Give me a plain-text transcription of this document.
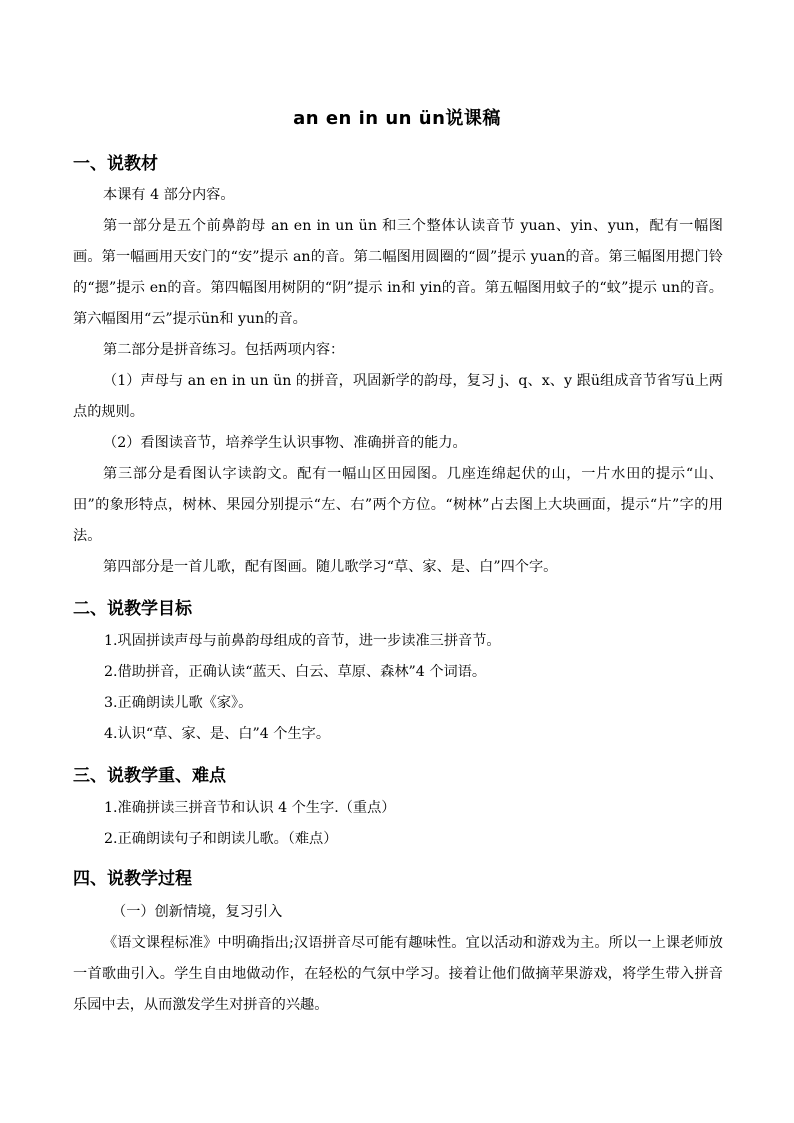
an en in un ün说课稿
一、说教材

本课有 4 部分内容。

第一部分是五个前鼻韵母 an en in un ün 和三个整体认读音节 yuan、yin、yun，配有一幅图画。第一幅画用天安门的“安”提示 an的音。第二幅图用圆圈的“圆”提示 yuan的音。第三幅图用摁门铃的“摁”提示 en的音。第四幅图用树阴的“阴”提示 in和 yin的音。第五幅图用蚊子的“蚊”提示 un的音。第六幅图用“云”提示ün和 yun的音。

第二部分是拼音练习。包括两项内容：

（1）声母与 an en in un ün 的拼音，巩固新学的韵母，复习 j、q、x、y 跟ü组成音节省写ü上两点的规则。

（2）看图读音节，培养学生认识事物、准确拼音的能力。

第三部分是看图认字读韵文。配有一幅山区田园图。几座连绵起伏的山，一片水田的提示“山、田”的象形特点，树林、果园分别提示“左、右”两个方位。“树林”占去图上大块画面，提示“片”字的用法。

第四部分是一首儿歌，配有图画。随儿歌学习“草、家、是、白”四个字。

二、说教学目标

1.巩固拼读声母与前鼻韵母组成的音节，进一步读准三拼音节。

2.借助拼音，正确认读“蓝天、白云、草原、森林”4 个词语。

3.正确朗读儿歌《家》。

4.认识“草、家、是、白”4 个生字。

三、说教学重、难点

1.准确拼读三拼音节和认识 4 个生字.（重点）

2.正确朗读句子和朗读儿歌。（难点）

四、说教学过程

（一）创新情境，复习引入

《语文课程标准》中明确指出;汉语拼音尽可能有趣味性。宜以活动和游戏为主。所以一上课老师放一首歌曲引入。学生自由地做动作，在轻松的气氛中学习。接着让他们做摘苹果游戏，将学生带入拼音乐园中去，从而激发学生对拼音的兴趣。
